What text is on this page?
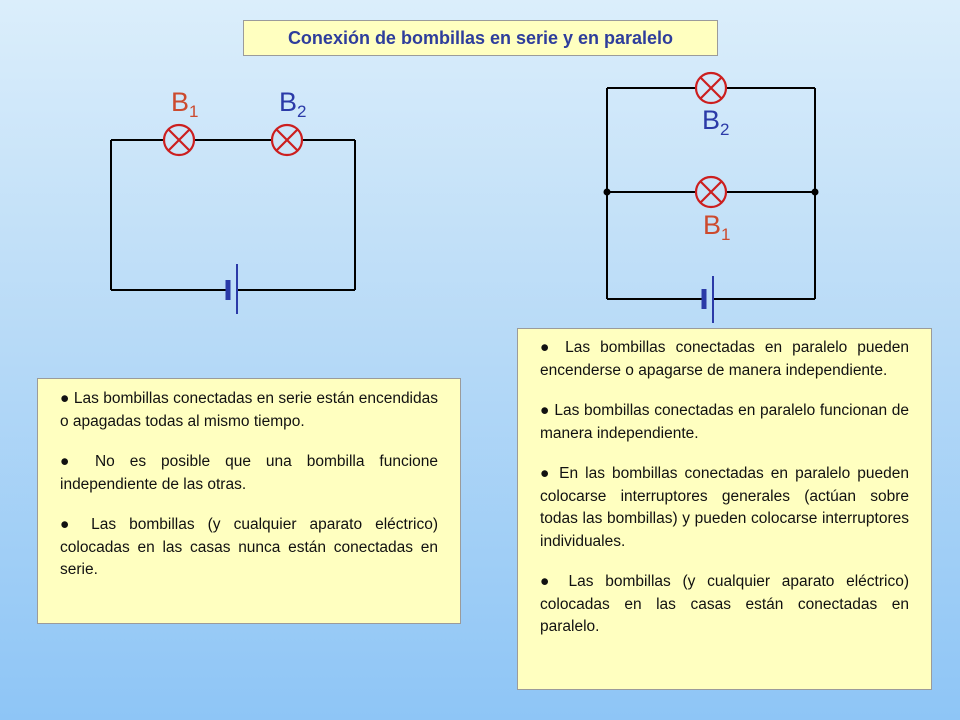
Conexión de bombillas en serie y en paralelo
$B_1$	$B_2$	$B_2$
$B_1$

● Las bombillas conectadas en serie están encendidas o apagadas todas al mismo tiempo.

● No es posible que una bombilla funcione independiente de las otras.

● Las bombillas (y cualquier aparato eléctrico) colocadas en las casas nunca están conectadas en serie.

● Las bombillas conectadas en paralelo pueden encenderse o apagarse de manera independiente.

● Las bombillas conectadas en paralelo funcionan de manera independiente.

● En las bombillas conectadas en paralelo pueden colocarse interruptores generales (actúan sobre todas las bombillas) y pueden colocarse interruptores individuales.

● Las bombillas (y cualquier aparato eléctrico) colocadas en las casas están conectadas en paralelo.
